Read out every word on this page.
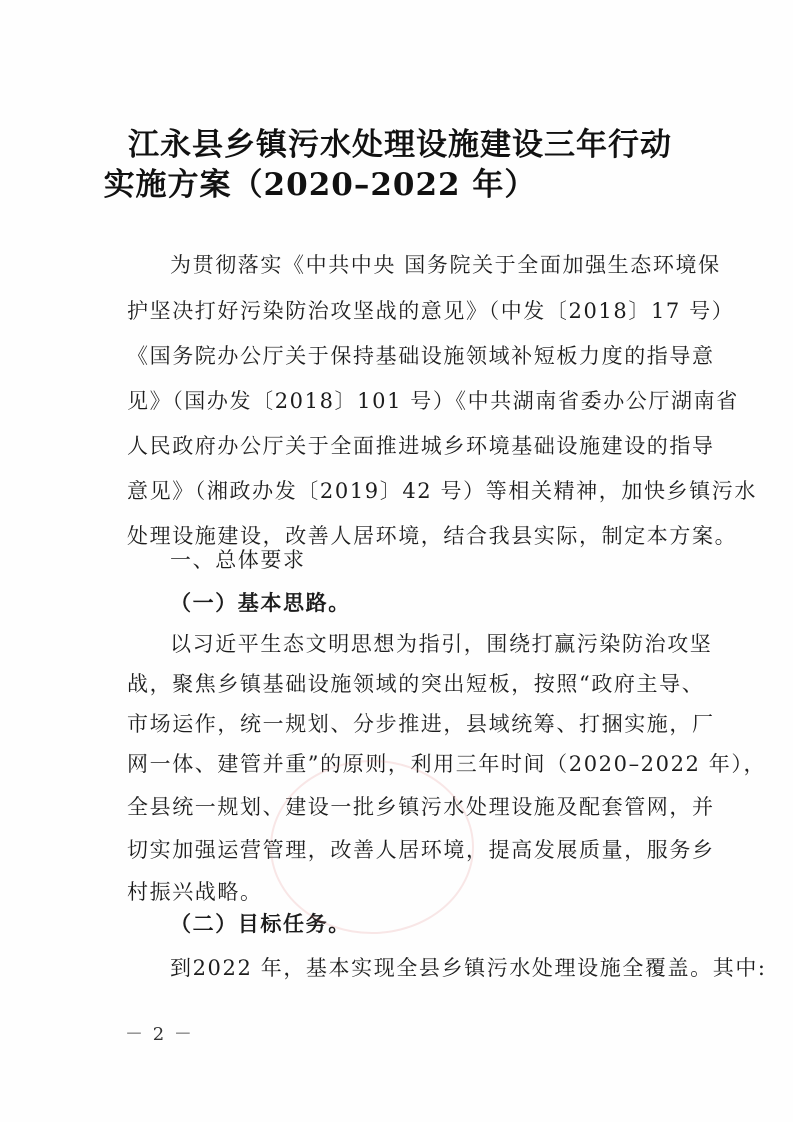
江永县乡镇污水处理设施建设三年行动
实施方案（2020–2022 年）
为贯彻落实《中共中央 国务院关于全面加强生态环境保
护坚决打好污染防治攻坚战的意见》（中发〔2018〕17 号）
《国务院办公厅关于保持基础设施领域补短板力度的指导意
见》（国办发〔2018〕101 号）《中共湖南省委办公厅湖南省
人民政府办公厅关于全面推进城乡环境基础设施建设的指导
意见》（湘政办发〔2019〕42 号）等相关精神，加快乡镇污水
处理设施建设，改善人居环境，结合我县实际，制定本方案。
一、总体要求
（一）基本思路。
以习近平生态文明思想为指引，围绕打赢污染防治攻坚
战，聚焦乡镇基础设施领域的突出短板，按照“政府主导、
市场运作，统一规划、分步推进，县域统筹、打捆实施，厂
网一体、建管并重”的原则，利用三年时间（2020–2022 年），
全县统一规划、建设一批乡镇污水处理设施及配套管网，并
切实加强运营管理，改善人居环境，提高发展质量，服务乡
村振兴战略。
（二）目标任务。
－ 2 －
到2022 年，基本实现全县乡镇污水处理设施全覆盖。其中:
